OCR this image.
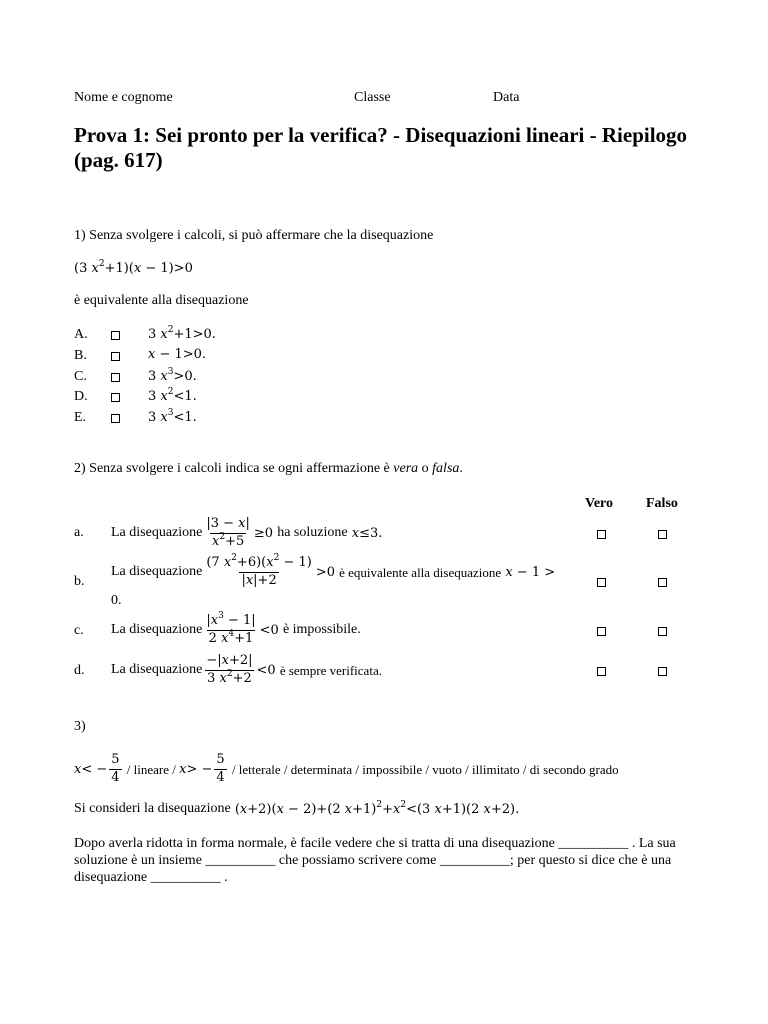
Nome e cognome	Classe	Data
Prova 1: Sei pronto per la verifica? - Disequazioni lineari - Riepilogo (pag. 617)
1) Senza svolgere i calcoli, si può affermare che la disequazione
(3 $x^2+1)(x - 1)>0$
è equivalente alla disequazione
A.	3 $x^2+1>0$.
B.	x − 1>0.
C.	3 $x^3>0$.
D.	3 $x^2<1$.
E.	3 $x^3<1$.
2) Senza svolgere i calcoli indica se ogni affermazione è vera o falsa.
Vero Falso
a. La disequazione $\frac{|3 - x|}{x^2+5} \ge 0$ ha soluzione x≤3.
b.
La disequazione $\frac{(7 x^2+6)(x^2 - 1)}{|x|+2} >0$ è equivalente alla disequazione x − 1 >
0.
c. La disequazione $\frac{|x^3 - 1|}{2 x^4+1} <0$ è impossibile.
d. La disequazione $\frac{-|x+2|}{3 x^2+2} <0$ è sempre verificata.
3)
$x< - \frac{5}{4}$ / lineare / $x> - \frac{5}{4}$ / letterale / determinata / impossibile / vuoto / illimitato / di secondo grado
Si consideri la disequazione (x+2)(x − 2)+(2 $x+1)^2+x^2<(3$ x+1)(2 x+2).
Dopo averla ridotta in forma normale, è facile vedere che si tratta di una disequazione __________ . La sua soluzione è un insieme __________ che possiamo scrivere come __________; per questo si dice che è una disequazione __________ .
